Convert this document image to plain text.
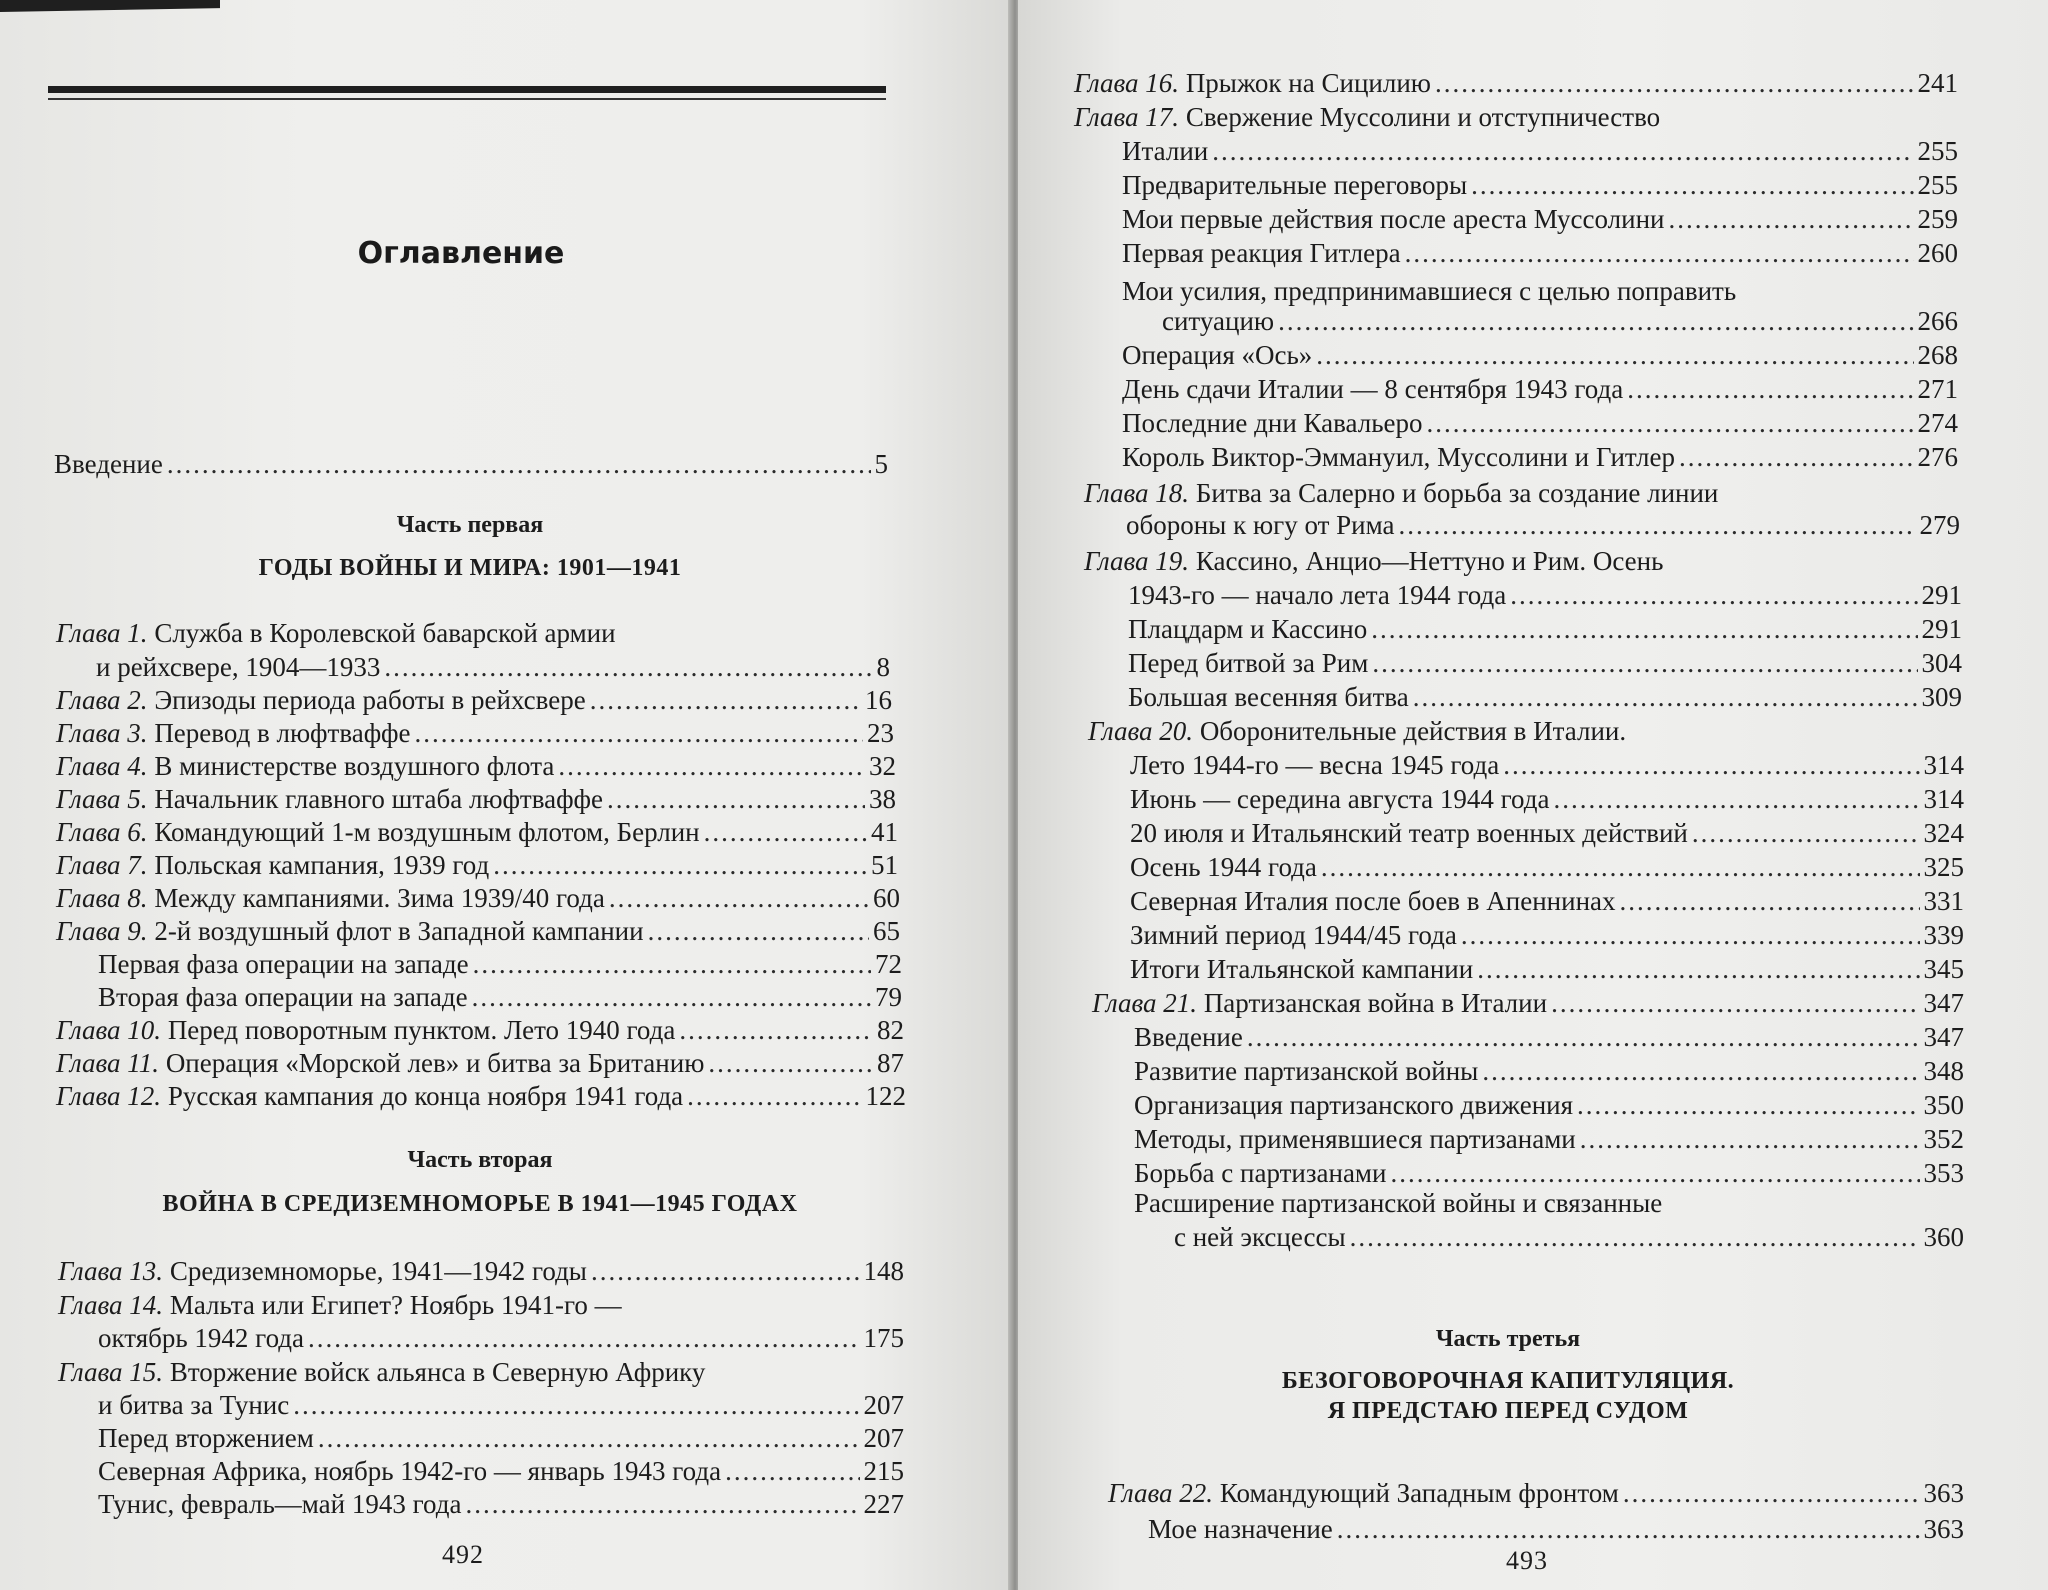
Оглавление
Введение .....	5
Часть первая
ГОДЫ ВОЙНЫ И МИРА: 1901—1941
Глава 1. Служба в Королевской баварской армии
и рейхсвере, 1904—1933 .....	8
Глава 2. Эпизоды периода работы в рейхсвере .....	16
Глава 3. Перевод в люфтваффе .....	23
Глава 4. В министерстве воздушного флота .....	32
Глава 5. Начальник главного штаба люфтваффе .....	38
Глава 6. Командующий 1-м воздушным флотом, Берлин .....	41
Глава 7. Польская кампания, 1939 год .....	51
Глава 8. Между кампаниями. Зима 1939/40 года .....	60
Глава 9. 2-й воздушный флот в Западной кампании .....	65
Первая фаза операции на западе .....	72
Вторая фаза операции на западе .....	79
Глава 10. Перед поворотным пунктом. Лето 1940 года .....	82
Глава 11. Операция «Морской лев» и битва за Британию .....	87
Глава 12. Русская кампания до конца ноября 1941 года .....	122
Часть вторая
ВОЙНА В СРЕДИЗЕМНОМОРЬЕ В 1941—1945 ГОДАХ
Глава 13. Средиземноморье, 1941—1942 годы .....	148
Глава 14. Мальта или Египет? Ноябрь 1941-го —
октябрь 1942 года .....	175
Глава 15. Вторжение войск альянса в Северную Африку
и битва за Тунис .....	207
Перед вторжением .....	207
Северная Африка, ноябрь 1942-го — январь 1943 года .....	215
Тунис, февраль—май 1943 года .....	227
492
Глава 16. Прыжок на Сицилию .....	241
Глава 17. Свержение Муссолини и отступничество
Италии .....	255
Предварительные переговоры .....	255
Мои первые действия после ареста Муссолини .....	259
Первая реакция Гитлера .....	260
Мои усилия, предпринимавшиеся с целью поправить
ситуацию .....	266
Операция «Ось» .....	268
День сдачи Италии — 8 сентября 1943 года .....	271
Последние дни Кавальеро .....	274
Король Виктор-Эммануил, Муссолини и Гитлер .....	276
Глава 18. Битва за Салерно и борьба за создание линии
обороны к югу от Рима .....	279
Глава 19. Кассино, Анцио—Неттуно и Рим. Осень
1943-го — начало лета 1944 года .....	291
Плацдарм и Кассино .....	291
Перед битвой за Рим .....	304
Большая весенняя битва .....	309
Глава 20. Оборонительные действия в Италии.
Лето 1944-го — весна 1945 года .....	314
Июнь — середина августа 1944 года .....	314
20 июля и Итальянский театр военных действий .....	324
Осень 1944 года .....	325
Северная Италия после боев в Апеннинах .....	331
Зимний период 1944/45 года .....	339
Итоги Итальянской кампании .....	345
Глава 21. Партизанская война в Италии .....	347
Введение .....	347
Развитие партизанской войны .....	348
Организация партизанского движения .....	350
Методы, применявшиеся партизанами .....	352
Борьба с партизанами .....	353
Расширение партизанской войны и связанные
с ней эксцессы .....	360
Часть третья
БЕЗОГОВОРОЧНАЯ КАПИТУЛЯЦИЯ.
Я ПРЕДСТАЮ ПЕРЕД СУДОМ
Глава 22. Командующий Западным фронтом .....	363
Мое назначение .....	363
493
